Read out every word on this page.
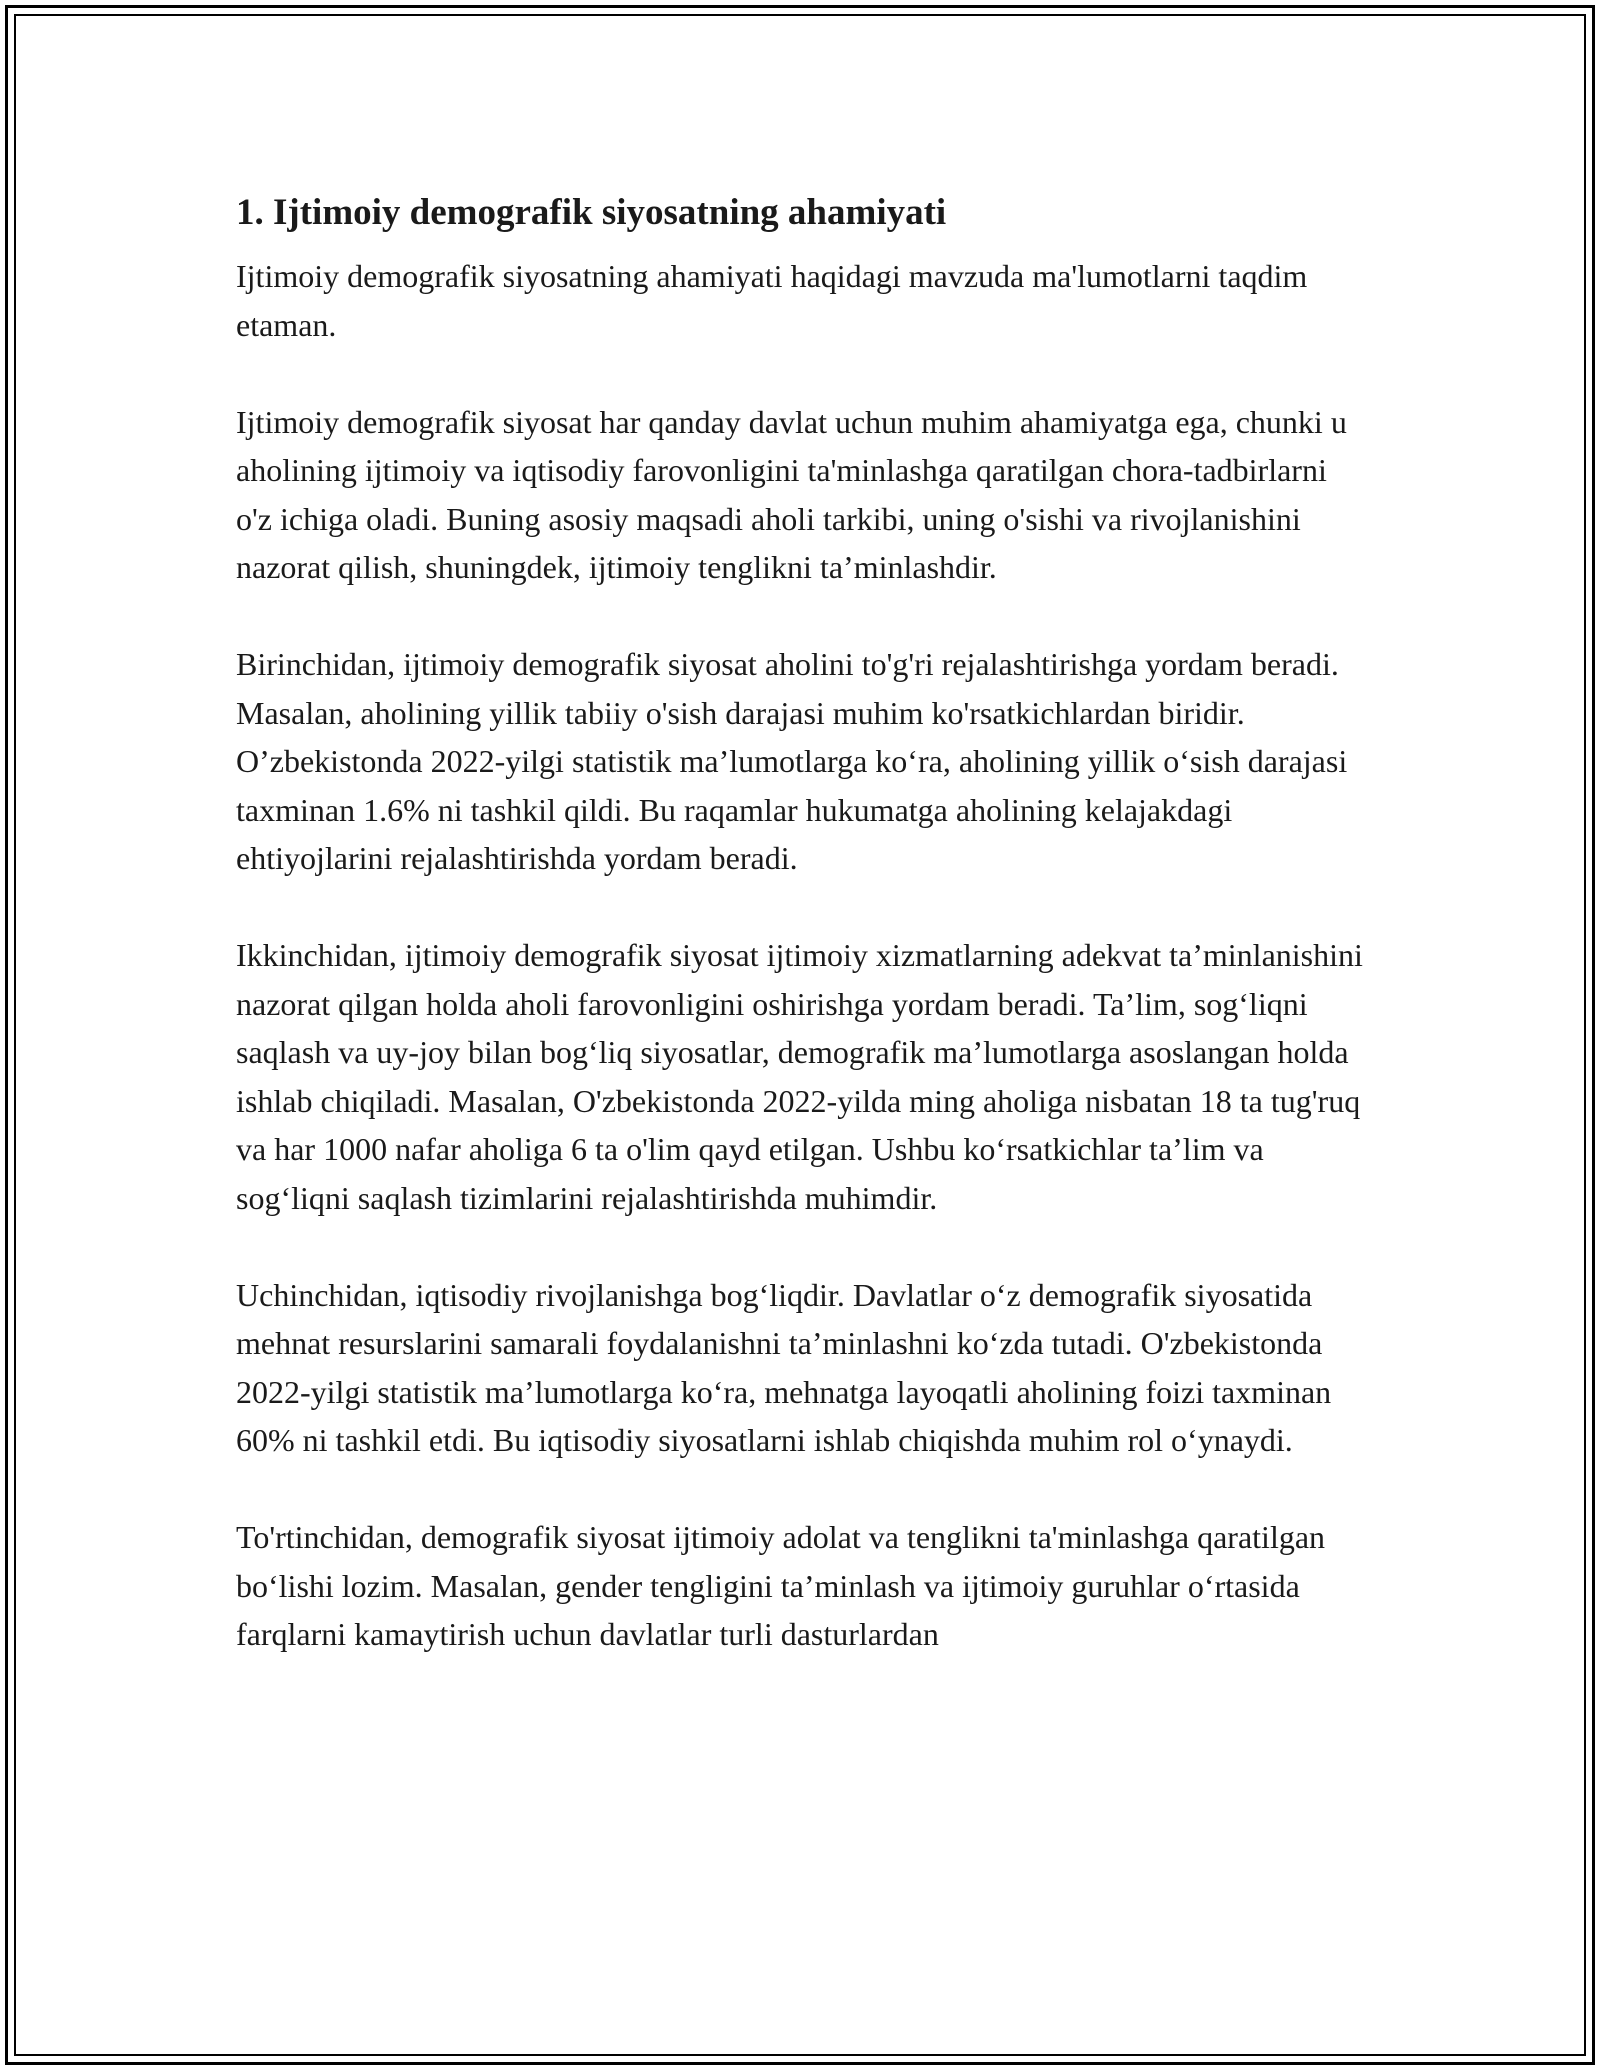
1. Ijtimoiy demografik siyosatning ahamiyati

Ijtimoiy demografik siyosatning ahamiyati haqidagi mavzuda ma'lumotlarni taqdim etaman.

Ijtimoiy demografik siyosat har qanday davlat uchun muhim ahamiyatga ega, chunki u aholining ijtimoiy va iqtisodiy farovonligini ta'minlashga qaratilgan chora-tadbirlarni o'z ichiga oladi. Buning asosiy maqsadi aholi tarkibi, uning o'sishi va rivojlanishini nazorat qilish, shuningdek, ijtimoiy tenglikni ta’minlashdir.

Birinchidan, ijtimoiy demografik siyosat aholini to'g'ri rejalashtirishga yordam beradi. Masalan, aholining yillik tabiiy o'sish darajasi muhim ko'rsatkichlardan biridir. O’zbekistonda 2022-yilgi statistik ma’lumotlarga ko‘ra, aholining yillik o‘sish darajasi taxminan 1.6% ni tashkil qildi. Bu raqamlar hukumatga aholining kelajakdagi ehtiyojlarini rejalashtirishda yordam beradi.

Ikkinchidan, ijtimoiy demografik siyosat ijtimoiy xizmatlarning adekvat ta’minlanishini nazorat qilgan holda aholi farovonligini oshirishga yordam beradi. Ta’lim, sog‘liqni saqlash va uy-joy bilan bog‘liq siyosatlar, demografik ma’lumotlarga asoslangan holda ishlab chiqiladi. Masalan, O'zbekistonda 2022-yilda ming aholiga nisbatan 18 ta tug'ruq va har 1000 nafar aholiga 6 ta o'lim qayd etilgan. Ushbu ko‘rsatkichlar ta’lim va sog‘liqni saqlash tizimlarini rejalashtirishda muhimdir.

Uchinchidan, iqtisodiy rivojlanishga bog‘liqdir. Davlatlar o‘z demografik siyosatida mehnat resurslarini samarali foydalanishni ta’minlashni ko‘zda tutadi. O'zbekistonda 2022-yilgi statistik ma’lumotlarga ko‘ra, mehnatga layoqatli aholining foizi taxminan 60% ni tashkil etdi. Bu iqtisodiy siyosatlarni ishlab chiqishda muhim rol o‘ynaydi.

To'rtinchidan, demografik siyosat ijtimoiy adolat va tenglikni ta'minlashga qaratilgan bo‘lishi lozim. Masalan, gender tengligini ta’minlash va ijtimoiy guruhlar o‘rtasida farqlarni kamaytirish uchun davlatlar turli dasturlardan
